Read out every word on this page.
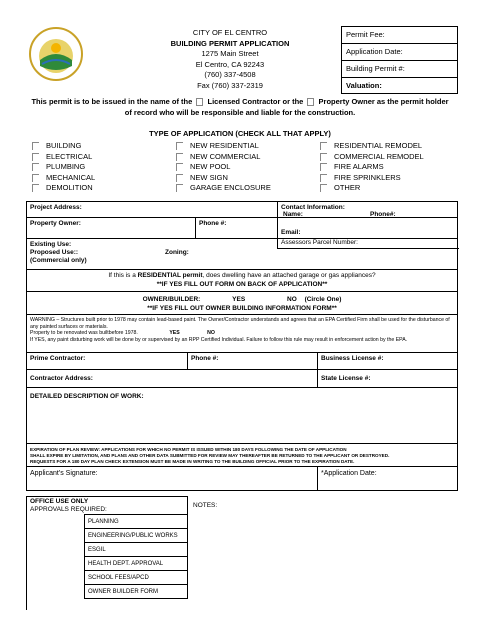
CITY OF EL CENTRO
BUILDING PERMIT APPLICATION
1275 Main Street
El Centro, CA 92243
(760) 337-4508
Fax (760) 337-2319
Permit Fee:
Application Date:
Building Permit #:
Valuation:
This permit is to be issued in the name of the Licensed Contractor or the Property Owner as the permit holder
of record who will be responsible and liable for the construction.
TYPE OF APPLICATION (CHECK ALL THAT APPLY)
BUILDING
ELECTRICAL
PLUMBING
MECHANICAL
DEMOLITION
NEW RESIDENTIAL
NEW COMMERCIAL
NEW POOL
NEW SIGN
GARAGE ENCLOSURE
RESIDENTIAL REMODEL
COMMERCIAL REMODEL
FIRE ALARMS
FIRE SPRINKLERS
OTHER
Project Address:	Contact Information:
Name:	Phone#:
Property Owner:	Phone #:
Email:
Existing Use:
Proposed Use::
(Commercial only)
Zoning:
Assessors Parcel Number:
If this is a RESIDENTIAL permit, does dwelling have an attached garage or gas appliances?
**IF YES FILL OUT FORM ON BACK OF APPLICATION**
OWNER/BUILDER:	YES	NO (Circle One)
**IF YES FILL OUT OWNER BUILDING INFORMATION FORM**
WARNING – Structures built prior to 1978 may contain lead-based paint. The Owner/Contractor understands and agrees that an EPA Certified Firm shall be used for the disturbance of any painted surfaces or materials.
Property to be renovated was builtbefore 1978.	YES	NO
If YES, any paint disturbing work will be done by or supervised by an RPP Certified Individual. Failure to follow this rule may result in enforcement action by the EPA.
Prime Contractor:	Phone #:	Business License #:
Contractor Address:	State License #:
DETAILED DESCRIPTION OF WORK:
EXPIRATION OF PLAN REVIEW: APPLICATIONS FOR WHICH NO PERMIT IS ISSUED WITHIN 180 DAYS FOLLOWING THE DATE OF APPLICATION
SHALL EXPIRE BY LIMITATION, AND PLANS AND OTHER DATA SUBMITTED FOR REVIEW MAY THEREAFTER BE RETURNED TO THE APPLICANT OR DESTROYED.
REQUESTS FOR A 180 DAY PLAN CHECK EXTENSION MUST BE MADE IN WRITING TO THE BUILDING OFFICIAL PRIOR TO THE EXPIRATION DATE.
Applicant’s Signature:	*Application Date:
OFFICE USE ONLY
APPROVALS REQUIRED:
NOTES:
PLANNING
ENGINEERING/PUBLIC WORKS
ESGIL
HEALTH DEPT. APPROVAL
SCHOOL FEES/APCD
OWNER BUILDER FORM
